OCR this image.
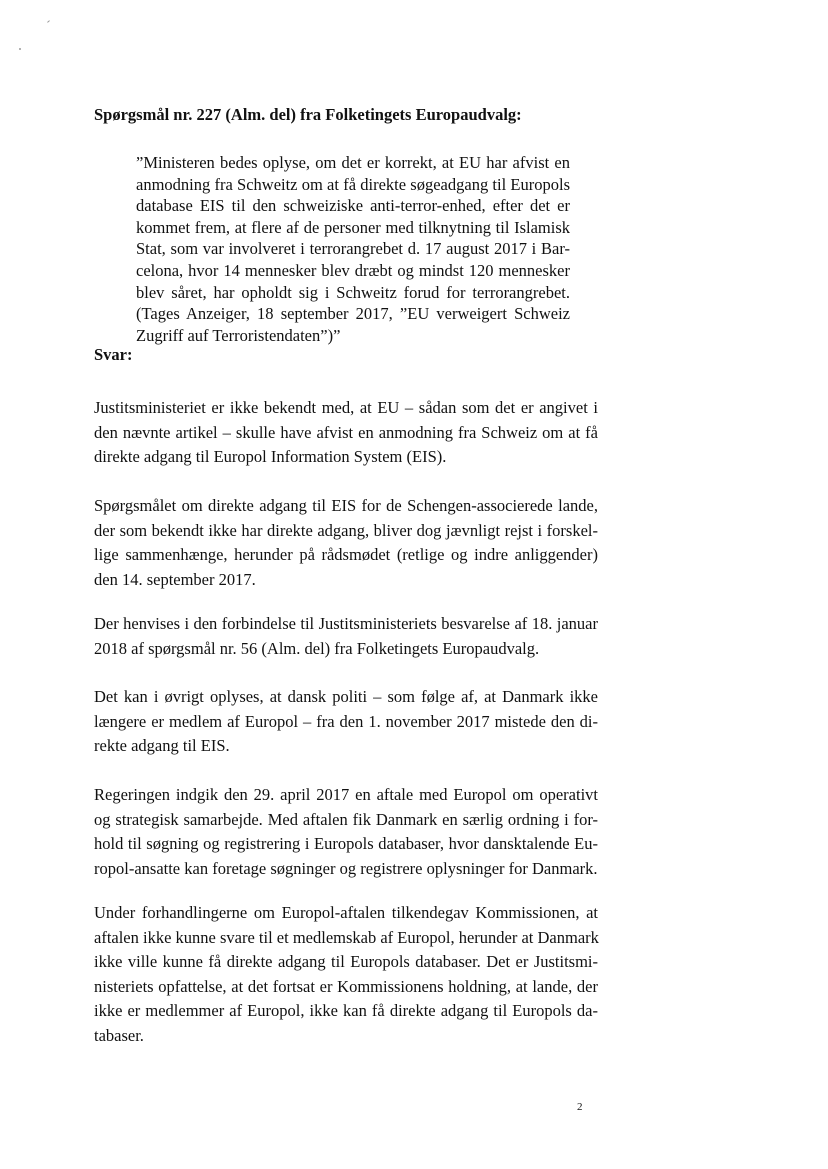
Spørgsmål nr. 227 (Alm. del) fra Folketingets Europaudvalg:

”Ministeren bedes oplyse, om det er korrekt, at EU har afvist en
anmodning fra Schweitz om at få direkte søgeadgang til Europols
database EIS til den schweiziske anti-terror-enhed, efter det er
kommet frem, at flere af de personer med tilknytning til Islamisk
Stat, som var involveret i terrorangrebet d. 17 august 2017 i Bar-
celona, hvor 14 mennesker blev dræbt og mindst 120 mennesker
blev såret, har opholdt sig i Schweitz forud for terrorangrebet.
(Tages Anzeiger, 18 september 2017, ”EU verweigert Schweiz
Zugriff auf Terroristendaten”)”

Svar:

Justitsministeriet er ikke bekendt med, at EU – sådan som det er angivet i
den nævnte artikel – skulle have afvist en anmodning fra Schweiz om at få
direkte adgang til Europol Information System (EIS).

Spørgsmålet om direkte adgang til EIS for de Schengen-associerede lande,
der som bekendt ikke har direkte adgang, bliver dog jævnligt rejst i forskel-
lige sammenhænge, herunder på rådsmødet (retlige og indre anliggender)
den 14. september 2017.

Der henvises i den forbindelse til Justitsministeriets besvarelse af 18. januar
2018 af spørgsmål nr. 56 (Alm. del) fra Folketingets Europaudvalg.

Det kan i øvrigt oplyses, at dansk politi – som følge af, at Danmark ikke
længere er medlem af Europol – fra den 1. november 2017 mistede den di-
rekte adgang til EIS.

Regeringen indgik den 29. april 2017 en aftale med Europol om operativt
og strategisk samarbejde. Med aftalen fik Danmark en særlig ordning i for-
hold til søgning og registrering i Europols databaser, hvor dansktalende Eu-
ropol-ansatte kan foretage søgninger og registrere oplysninger for Danmark.

Under forhandlingerne om Europol-aftalen tilkendegav Kommissionen, at
aftalen ikke kunne svare til et medlemskab af Europol, herunder at Danmark
ikke ville kunne få direkte adgang til Europols databaser. Det er Justitsmi-
nisteriets opfattelse, at det fortsat er Kommissionens holdning, at lande, der
ikke er medlemmer af Europol, ikke kan få direkte adgang til Europols da-
tabaser.

2
